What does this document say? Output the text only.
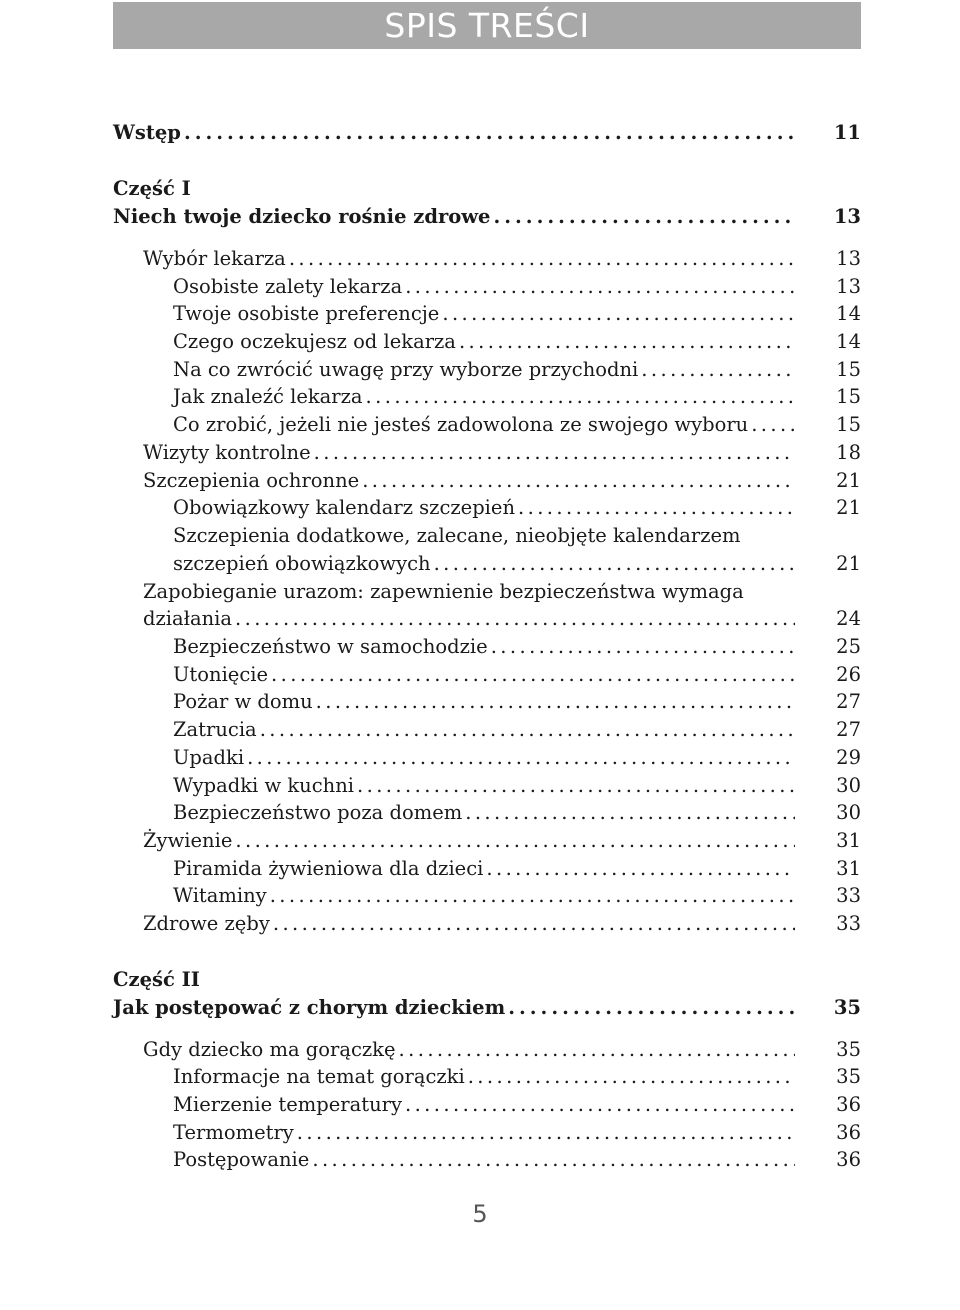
SPIS TREŚCI
Wstęp . . .	11
Część I
Niech twoje dziecko rośnie zdrowe . . .	13
Wybór lekarza . . .	13
Osobiste zalety lekarza . . .	13
Twoje osobiste preferencje . . .	14
Czego oczekujesz od lekarza . . .	14
Na co zwrócić uwagę przy wyborze przychodni . . .	15
Jak znaleźć lekarza . . .	15
Co zrobić, jeżeli nie jesteś zadowolona ze swojego wyboru . . .	15
Wizyty kontrolne . . .	18
Szczepienia ochronne . . .	21
Obowiązkowy kalendarz szczepień . . .	21
Szczepienia dodatkowe, zalecane, nieobjęte kalendarzem
szczepień obowiązkowych . . .	21
Zapobieganie urazom: zapewnienie bezpieczeństwa wymaga
działania . . .	24
Bezpieczeństwo w samochodzie . . .	25
Utonięcie . . .	26
Pożar w domu . . .	27
Zatrucia . . .	27
Upadki . . .	29
Wypadki w kuchni . . .	30
Bezpieczeństwo poza domem . . .	30
Żywienie . . .	31
Piramida żywieniowa dla dzieci . . .	31
Witaminy . . .	33
Zdrowe zęby . . .	33
Część II
Jak postępować z chorym dzieckiem . . .	35
Gdy dziecko ma gorączkę . . .	35
Informacje na temat gorączki . . .	35
Mierzenie temperatury . . .	36
Termometry . . .	36
Postępowanie . . .	36
5
